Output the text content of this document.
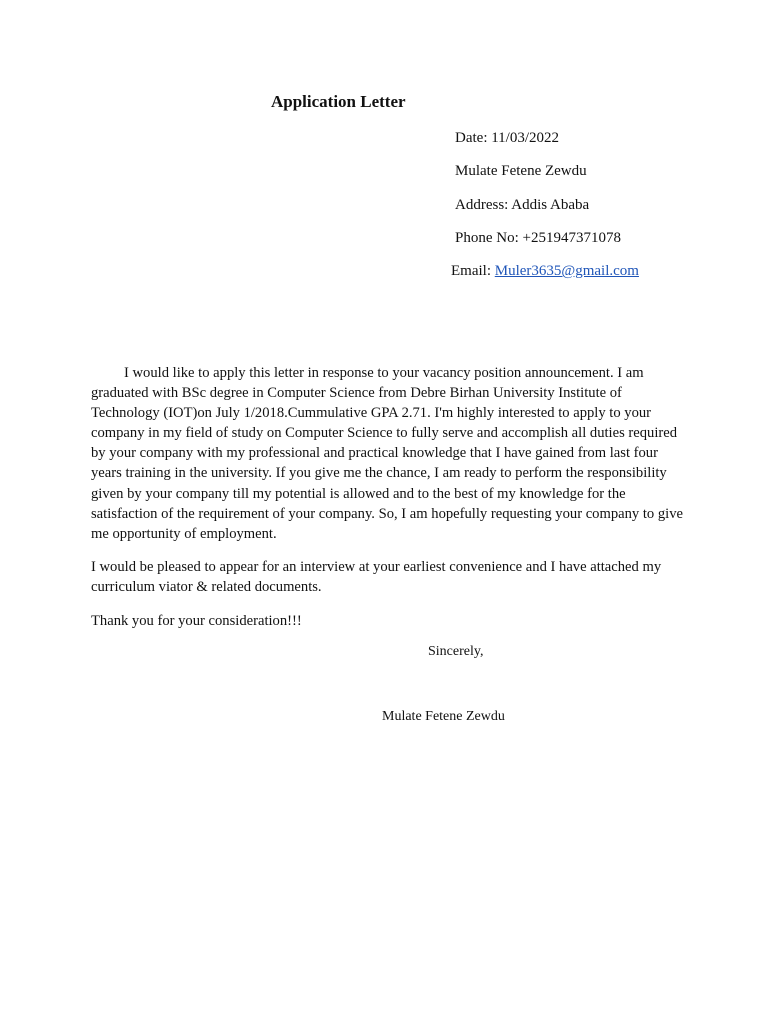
Application Letter
Date: 11/03/2022
Mulate Fetene Zewdu
Address: Addis Ababa
Phone No: +251947371078
Email: Muler3635@gmail.com

I would like to apply this letter in response to your vacancy position announcement. I am graduated with BSc degree in Computer Science from Debre Birhan University Institute of Technology (IOT)on July 1/2018.Cummulative GPA 2.71. I'm highly interested to apply to your company in my field of study on Computer Science to fully serve and accomplish all duties required by your company with my professional and practical knowledge that I have gained from last four years training in the university. If you give me the chance, I am ready to perform the responsibility given by your company till my potential is allowed and to the best of my knowledge for the satisfaction of the requirement of your company. So, I am hopefully requesting your company to give me opportunity of employment.

I would be pleased to appear for an interview at your earliest convenience and I have attached my curriculum viator & related documents.

Thank you for your consideration!!!

Sincerely,
Mulate Fetene Zewdu
